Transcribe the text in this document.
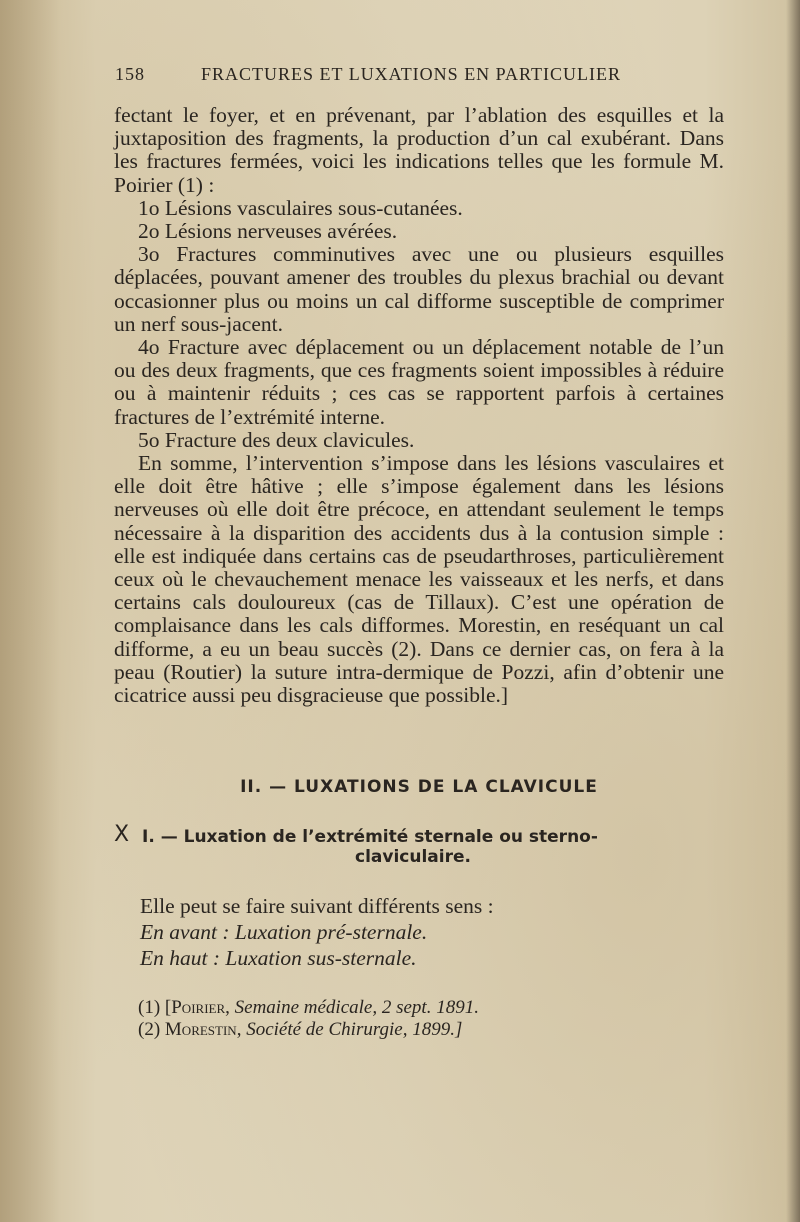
158	FRACTURES ET LUXATIONS EN PARTICULIER

fectant le foyer, et en prévenant, par l’ablation des esquilles et la juxtaposition des fragments, la production d’un cal exubérant. Dans les fractures fermées, voici les indications telles que les formule M. Poirier (1) :

1o Lésions vasculaires sous-cutanées.

2o Lésions nerveuses avérées.

3o Fractures comminutives avec une ou plusieurs esquilles déplacées, pouvant amener des troubles du plexus brachial ou devant occasionner plus ou moins un cal difforme susceptible de comprimer un nerf sous-jacent.

4o Fracture avec déplacement ou un déplacement notable de l’un ou des deux fragments, que ces fragments soient impossibles à réduire ou à maintenir réduits ; ces cas se rapportent parfois à certaines fractures de l’extrémité interne.

5o Fracture des deux clavicules.

En somme, l’intervention s’impose dans les lésions vasculaires et elle doit être hâtive ; elle s’impose également dans les lésions nerveuses où elle doit être précoce, en attendant seulement le temps nécessaire à la disparition des accidents dus à la contusion simple : elle est indiquée dans certains cas de pseudarthroses, particulièrement ceux où le chevauchement menace les vaisseaux et les nerfs, et dans certains cals douloureux (cas de Tillaux). C’est une opération de complaisance dans les cals difformes. Morestin, en reséquant un cal difforme, a eu un beau succès (2). Dans ce dernier cas, on fera à la peau (Routier) la suture intra-dermique de Pozzi, afin d’obtenir une cicatrice aussi peu disgracieuse que possible.]

II. — LUXATIONS DE LA CLAVICULE
X I. — Luxation de l’extrémité sternale ou sterno-
claviculaire.

Elle peut se faire suivant différents sens :

En avant : Luxation pré-sternale.

En haut : Luxation sus-sternale.

(1) [Poirier, Semaine médicale, 2 sept. 1891.

(2) Morestin, Société de Chirurgie, 1899.]
